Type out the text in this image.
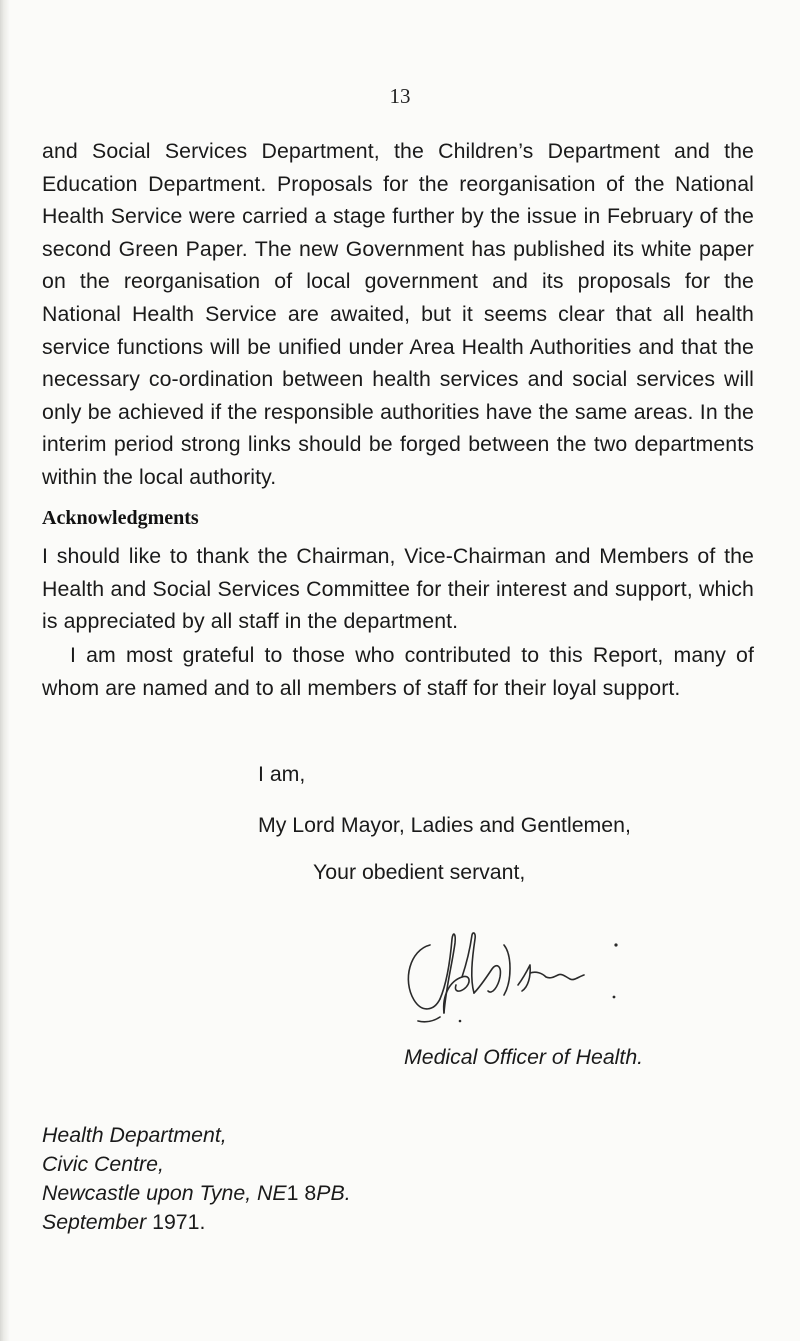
13

and Social Services Department, the Children’s Department and the Education Department. Proposals for the reorganisation of the National Health Service were carried a stage further by the issue in February of the second Green Paper. The new Government has published its white paper on the reorganisation of local government and its proposals for the National Health Service are awaited, but it seems clear that all health service functions will be unified under Area Health Authorities and that the necessary co-ordination between health services and social services will only be achieved if the responsible authorities have the same areas. In the interim period strong links should be forged between the two departments within the local authority.

Acknowledgments

I should like to thank the Chairman, Vice-Chairman and Members of the Health and Social Services Committee for their interest and support, which is appreciated by all staff in the department.

I am most grateful to those who contributed to this Report, many of whom are named and to all members of staff for their loyal support.

I am,

My Lord Mayor, Ladies and Gentlemen,

Your obedient servant,

Medical Officer of Health.

Health Department,
Civic Centre,
Newcastle upon Tyne, NE1 8PB.
September 1971.
